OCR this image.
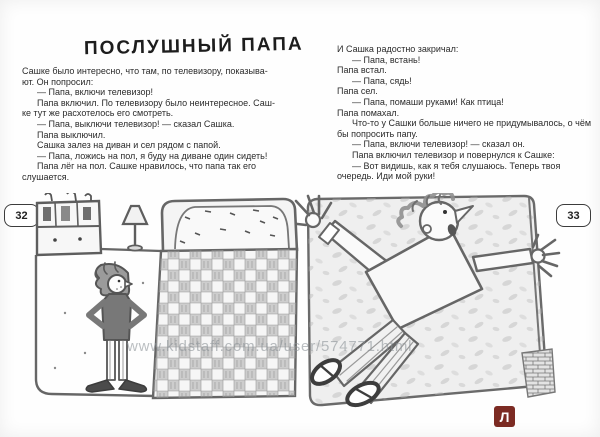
ПОСЛУШНЫЙ ПАПА
Сашке было интересно, что там, по телевизору, показыва-
ют. Он попросил:
— Папа, включи телевизор!
Папа включил. По телевизору было неинтересное. Саш-
ке тут же расхотелось его смотреть.
— Папа, выключи телевизор! — сказал Сашка.
Папа выключил.
Сашка залез на диван и сел рядом с папой.
— Папа, ложись на пол, я буду на диване один сидеть!
Папа лёг на пол. Сашке нравилось, что папа так его
слушается.
И Сашка радостно закричал:
— Папа, встань!
Папа встал.
— Папа, сядь!
Папа сел.
— Папа, помаши руками! Как птица!
Папа помахал.
Что-то у Сашки больше ничего не придумывалось, о чём
бы попросить папу.
— Папа, включи телевизор! — сказал он.
Папа включил телевизор и повернулся к Сашке:
— Вот видишь, как я тебя слушаюсь. Теперь твоя
очередь. Иди мой руки!
32	33
www.kidstaff.com.ua/user/574771.html
Л
